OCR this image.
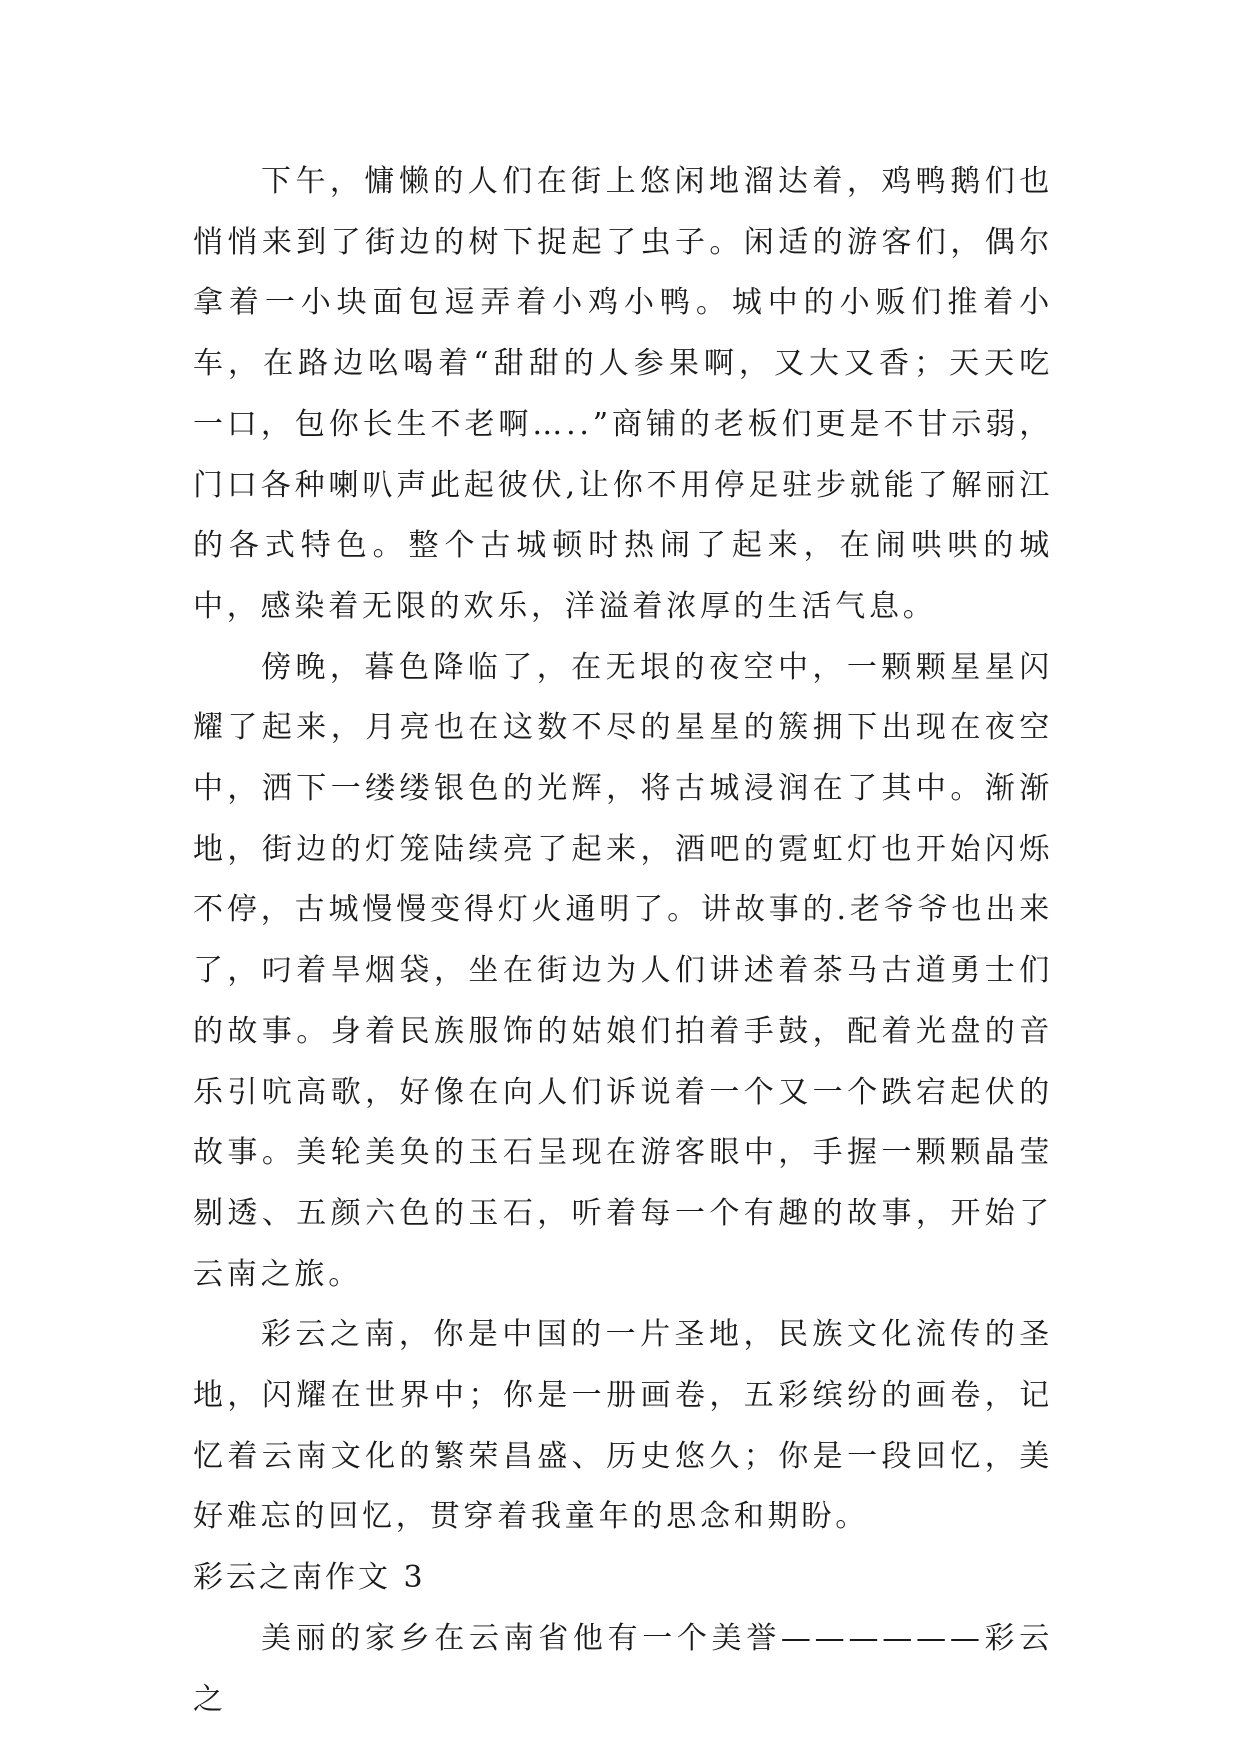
下午，慵懒的人们在街上悠闲地溜达着，鸡鸭鹅们也悄悄来到了街边的树下捉起了虫子。闲适的游客们，偶尔拿着一小块面包逗弄着小鸡小鸭。城中的小贩们推着小车，在路边吆喝着“甜甜的人参果啊，又大又香；天天吃一口，包你长生不老啊…..”商铺的老板们更是不甘示弱，门口各种喇叭声此起彼伏,让你不用停足驻步就能了解丽江的各式特色。整个古城顿时热闹了起来，在闹哄哄的城中，感染着无限的欢乐，洋溢着浓厚的生活气息。

傍晚，暮色降临了，在无垠的夜空中，一颗颗星星闪耀了起来，月亮也在这数不尽的星星的簇拥下出现在夜空中，洒下一缕缕银色的光辉，将古城浸润在了其中。渐渐地，街边的灯笼陆续亮了起来，酒吧的霓虹灯也开始闪烁不停，古城慢慢变得灯火通明了。讲故事的.老爷爷也出来了，叼着旱烟袋，坐在街边为人们讲述着茶马古道勇士们的故事。身着民族服饰的姑娘们拍着手鼓，配着光盘的音乐引吭高歌，好像在向人们诉说着一个又一个跌宕起伏的故事。美轮美奂的玉石呈现在游客眼中，手握一颗颗晶莹剔透、五颜六色的玉石，听着每一个有趣的故事，开始了云南之旅。

彩云之南，你是中国的一片圣地，民族文化流传的圣地，闪耀在世界中；你是一册画卷，五彩缤纷的画卷，记忆着云南文化的繁荣昌盛、历史悠久；你是一段回忆，美好难忘的回忆，贯穿着我童年的思念和期盼。

彩云之南作文 3

美丽的家乡在云南省他有一个美誉——————彩云之
